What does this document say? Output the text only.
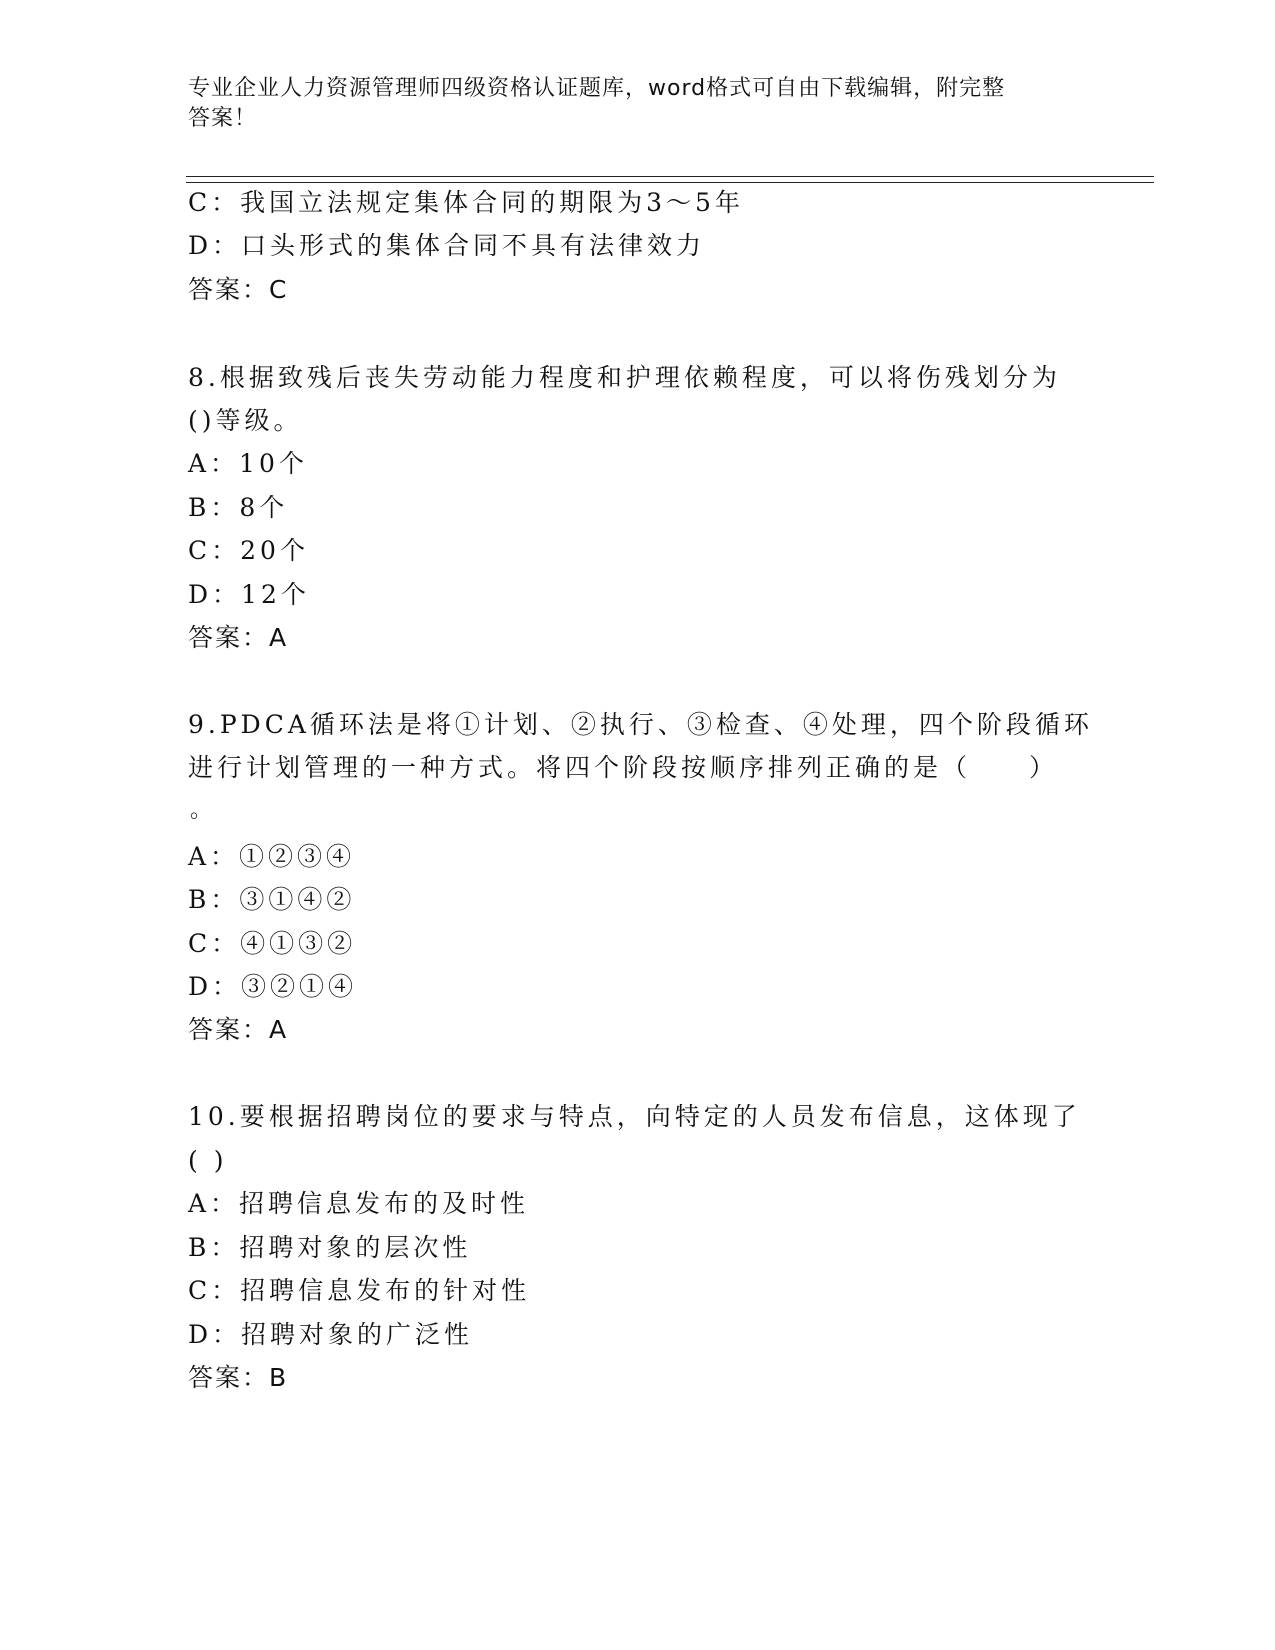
专业企业人力资源管理师四级资格认证题库，word格式可自由下载编辑，附完整
答案！
C：我国立法规定集体合同的期限为3～5年
D：口头形式的集体合同不具有法律效力
答案：C
8.根据致残后丧失劳动能力程度和护理依赖程度，可以将伤残划分为
()等级。
A：10个
B：8个
C：20个
D：12个
答案：A
9.PDCA循环法是将①计划、②执行、③检查、④处理，四个阶段循环
进行计划管理的一种方式。将四个阶段按顺序排列正确的是（　　）
。
A：①②③④
B：③①④②
C：④①③②
D：③②①④
答案：A
10.要根据招聘岗位的要求与特点，向特定的人员发布信息，这体现了
( )
A：招聘信息发布的及时性
B：招聘对象的层次性
C：招聘信息发布的针对性
D：招聘对象的广泛性
答案：B
